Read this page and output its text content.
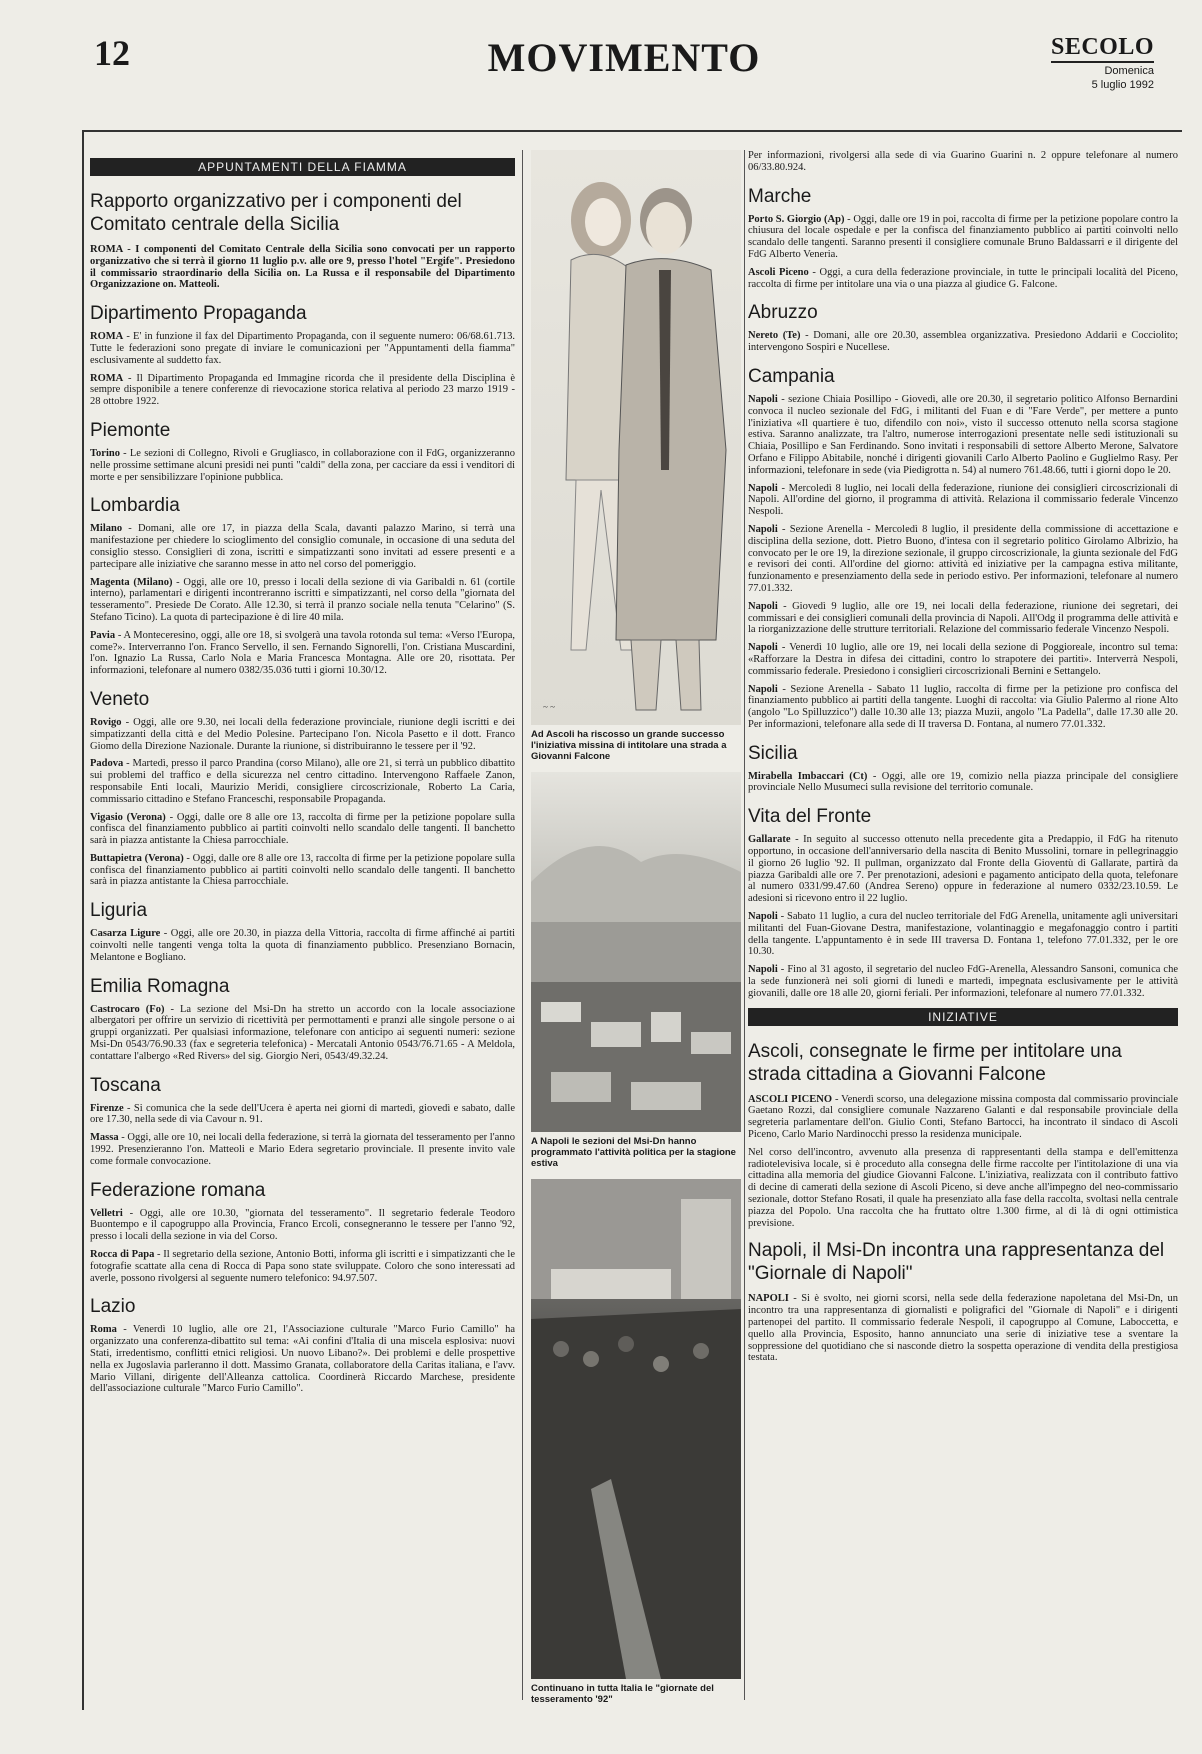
12	MOVIMENTO	SECOLO
Domenica
5 luglio 1992
APPUNTAMENTI DELLA FIAMMA
Rapporto organizzativo per i componenti del Comitato centrale della Sicilia

ROMA - I componenti del Comitato Centrale della Sicilia sono convocati per un rapporto organizzativo che si terrà il giorno 11 luglio p.v. alle ore 9, presso l'hotel "Ergife". Presiedono il commissario straordinario della Sicilia on. La Russa e il responsabile del Dipartimento Organizzazione on. Matteoli.

Dipartimento Propaganda

ROMA - E' in funzione il fax del Dipartimento Propaganda, con il seguente numero: 06/68.61.713. Tutte le federazioni sono pregate di inviare le comunicazioni per "Appuntamenti della fiamma" esclusivamente al suddetto fax.

ROMA - Il Dipartimento Propaganda ed Immagine ricorda che il presidente della Disciplina è sempre disponibile a tenere conferenze di rievocazione storica relativa al periodo 23 marzo 1919 - 28 ottobre 1922.

Piemonte

Torino - Le sezioni di Collegno, Rivoli e Grugliasco, in collaborazione con il FdG, organizzeranno nelle prossime settimane alcuni presidi nei punti "caldi" della zona, per cacciare da essi i venditori di morte e per sensibilizzare l'opinione pubblica.

Lombardia

Milano - Domani, alle ore 17, in piazza della Scala, davanti palazzo Marino, si terrà una manifestazione per chiedere lo scioglimento del consiglio comunale, in occasione di una seduta del consiglio stesso. Consiglieri di zona, iscritti e simpatizzanti sono invitati ad essere presenti e a partecipare alle iniziative che saranno messe in atto nel corso del pomeriggio.

Magenta (Milano) - Oggi, alle ore 10, presso i locali della sezione di via Garibaldi n. 61 (cortile interno), parlamentari e dirigenti incontreranno iscritti e simpatizzanti, nel corso della "giornata del tesseramento". Presiede De Corato. Alle 12.30, si terrà il pranzo sociale nella tenuta "Celarino" (S. Stefano Ticino). La quota di partecipazione è di lire 40 mila.

Pavia - A Monteceresino, oggi, alle ore 18, si svolgerà una tavola rotonda sul tema: «Verso l'Europa, come?». Interverranno l'on. Franco Servello, il sen. Fernando Signorelli, l'on. Cristiana Muscardini, l'on. Ignazio La Russa, Carlo Nola e Maria Francesca Montagna. Alle ore 20, risottata. Per informazioni, telefonare al numero 0382/35.036 tutti i giorni 10.30/12.

Veneto

Rovigo - Oggi, alle ore 9.30, nei locali della federazione provinciale, riunione degli iscritti e dei simpatizzanti della città e del Medio Polesine. Partecipano l'on. Nicola Pasetto e il dott. Franco Giomo della Direzione Nazionale. Durante la riunione, si distribuiranno le tessere per il '92.

Padova - Martedì, presso il parco Prandina (corso Milano), alle ore 21, si terrà un pubblico dibattito sui problemi del traffico e della sicurezza nel centro cittadino. Intervengono Raffaele Zanon, responsabile Enti locali, Maurizio Meridi, consigliere circoscrizionale, Roberto La Caria, commissario cittadino e Stefano Franceschi, responsabile Propaganda.

Vigasio (Verona) - Oggi, dalle ore 8 alle ore 13, raccolta di firme per la petizione popolare sulla confisca del finanziamento pubblico ai partiti coinvolti nello scandalo delle tangenti. Il banchetto sarà in piazza antistante la Chiesa parrocchiale.

Buttapietra (Verona) - Oggi, dalle ore 8 alle ore 13, raccolta di firme per la petizione popolare sulla confisca del finanziamento pubblico ai partiti coinvolti nello scandalo delle tangenti. Il banchetto sarà in piazza antistante la Chiesa parrocchiale.

Liguria

Casarza Ligure - Oggi, alle ore 20.30, in piazza della Vittoria, raccolta di firme affinché ai partiti coinvolti nelle tangenti venga tolta la quota di finanziamento pubblico. Presenziano Bornacin, Melantone e Bogliano.

Emilia Romagna

Castrocaro (Fo) - La sezione del Msi-Dn ha stretto un accordo con la locale associazione albergatori per offrire un servizio di ricettività per permottamenti e pranzi alle singole persone o ai gruppi organizzati. Per qualsiasi informazione, telefonare con anticipo ai seguenti numeri: sezione Msi-Dn 0543/76.90.33 (fax e segreteria telefonica) - Mercatali Antonio 0543/76.71.65 - A Meldola, contattare l'albergo «Red Rivers» del sig. Giorgio Neri, 0543/49.32.24.

Toscana

Firenze - Si comunica che la sede dell'Ucera è aperta nei giorni di martedì, giovedì e sabato, dalle ore 17.30, nella sede di via Cavour n. 91.

Massa - Oggi, alle ore 10, nei locali della federazione, si terrà la giornata del tesseramento per l'anno 1992. Presenzieranno l'on. Matteoli e Mario Edera segretario provinciale. Il presente invito vale come formale convocazione.

Federazione romana

Velletri - Oggi, alle ore 10.30, "giornata del tesseramento". Il segretario federale Teodoro Buontempo e il capogruppo alla Provincia, Franco Ercoli, consegneranno le tessere per l'anno '92, presso i locali della sezione in via del Corso.

Rocca di Papa - Il segretario della sezione, Antonio Botti, informa gli iscritti e i simpatizzanti che le fotografie scattate alla cena di Rocca di Papa sono state sviluppate. Coloro che sono interessati ad averle, possono rivolgersi al seguente numero telefonico: 94.97.507.

Lazio

Roma - Venerdì 10 luglio, alle ore 21, l'Associazione culturale "Marco Furio Camillo" ha organizzato una conferenza-dibattito sul tema: «Ai confini d'Italia di una miscela esplosiva: nuovi Stati, irredentismo, conflitti etnici religiosi. Un nuovo Libano?». Dei problemi e delle prospettive nella ex Jugoslavia parleranno il dott. Massimo Granata, collaboratore della Caritas italiana, e l'avv. Mario Villani, dirigente dell'Alleanza cattolica. Coordinerà Riccardo Marchese, presidente dell'associazione culturale "Marco Furio Camillo".

~ ~
Ad Ascoli ha riscosso un grande successo l'iniziativa missina di intitolare una strada a Giovanni Falcone
A Napoli le sezioni del Msi-Dn hanno programmato l'attività politica per la stagione estiva
Continuano in tutta Italia le "giornate del tesseramento '92"

Per informazioni, rivolgersi alla sede di via Guarino Guarini n. 2 oppure telefonare al numero 06/33.80.924.

Marche

Porto S. Giorgio (Ap) - Oggi, dalle ore 19 in poi, raccolta di firme per la petizione popolare contro la chiusura del locale ospedale e per la confisca del finanziamento pubblico ai partiti coinvolti nello scandalo delle tangenti. Saranno presenti il consigliere comunale Bruno Baldassarri e il dirigente del FdG Alberto Veneria.

Ascoli Piceno - Oggi, a cura della federazione provinciale, in tutte le principali località del Piceno, raccolta di firme per intitolare una via o una piazza al giudice G. Falcone.

Abruzzo

Nereto (Te) - Domani, alle ore 20.30, assemblea organizzativa. Presiedono Addarii e Cocciolito; intervengono Sospiri e Nucellese.

Campania

Napoli - sezione Chiaia Posillipo - Giovedì, alle ore 20.30, il segretario politico Alfonso Bernardini convoca il nucleo sezionale del FdG, i militanti del Fuan e di "Fare Verde", per mettere a punto l'iniziativa «Il quartiere è tuo, difendilo con noi», visto il successo ottenuto nella scorsa stagione estiva. Saranno analizzate, tra l'altro, numerose interrogazioni presentate nelle sedi istituzionali su Chiaia, Posillipo e San Ferdinando. Sono invitati i responsabili di settore Alberto Merone, Salvatore Orfano e Filippo Abitabile, nonché i dirigenti giovanili Carlo Alberto Paolino e Guglielmo Rasy. Per informazioni, telefonare in sede (via Piedigrotta n. 54) al numero 761.48.66, tutti i giorni dopo le 20.

Napoli - Mercoledì 8 luglio, nei locali della federazione, riunione dei consiglieri circoscrizionali di Napoli. All'ordine del giorno, il programma di attività. Relaziona il commissario federale Vincenzo Nespoli.

Napoli - Sezione Arenella - Mercoledì 8 luglio, il presidente della commissione di accettazione e disciplina della sezione, dott. Pietro Buono, d'intesa con il segretario politico Girolamo Albrizio, ha convocato per le ore 19, la direzione sezionale, il gruppo circoscrizionale, la giunta sezionale del FdG e revisori dei conti. All'ordine del giorno: attività ed iniziative per la campagna estiva militante, funzionamento e presenziamento della sede in periodo estivo. Per informazioni, telefonare al numero 77.01.332.

Napoli - Giovedì 9 luglio, alle ore 19, nei locali della federazione, riunione dei segretari, dei commissari e dei consiglieri comunali della provincia di Napoli. All'Odg il programma delle attività e la riorganizzazione delle strutture territoriali. Relazione del commissario federale Vincenzo Nespoli.

Napoli - Venerdì 10 luglio, alle ore 19, nei locali della sezione di Poggioreale, incontro sul tema: «Rafforzare la Destra in difesa dei cittadini, contro lo strapotere dei partiti». Interverrà Nespoli, commissario federale. Presiedono i consiglieri circoscrizionali Bernini e Settangelo.

Napoli - Sezione Arenella - Sabato 11 luglio, raccolta di firme per la petizione pro confisca del finanziamento pubblico ai partiti della tangente. Luoghi di raccolta: via Giulio Palermo al rione Alto (angolo "Lo Spilluzzico") dalle 10.30 alle 13; piazza Muzii, angolo "La Padella", dalle 17.30 alle 20. Per informazioni, telefonare alla sede di II traversa D. Fontana, al numero 77.01.332.

Sicilia

Mirabella Imbaccari (Ct) - Oggi, alle ore 19, comizio nella piazza principale del consigliere provinciale Nello Musumeci sulla revisione del territorio comunale.

Vita del Fronte

Gallarate - In seguito al successo ottenuto nella precedente gita a Predappio, il FdG ha ritenuto opportuno, in occasione dell'anniversario della nascita di Benito Mussolini, tornare in pellegrinaggio il giorno 26 luglio '92. Il pullman, organizzato dal Fronte della Gioventù di Gallarate, partirà da piazza Garibaldi alle ore 7. Per prenotazioni, adesioni e pagamento anticipato della quota, telefonare al numero 0331/99.47.60 (Andrea Sereno) oppure in federazione al numero 0332/23.10.59. Le adesioni si ricevono entro il 22 luglio.

Napoli - Sabato 11 luglio, a cura del nucleo territoriale del FdG Arenella, unitamente agli universitari militanti del Fuan-Giovane Destra, manifestazione, volantinaggio e megafonaggio contro i partiti della tangente. L'appuntamento è in sede III traversa D. Fontana 1, telefono 77.01.332, per le ore 10.30.

Napoli - Fino al 31 agosto, il segretario del nucleo FdG-Arenella, Alessandro Sansoni, comunica che la sede funzionerà nei soli giorni di lunedì e martedì, impegnata esclusivamente per le attività giovanili, dalle ore 18 alle 20, giorni feriali. Per informazioni, telefonare al numero 77.01.332.

INIZIATIVE
Ascoli, consegnate le firme per intitolare una strada cittadina a Giovanni Falcone

ASCOLI PICENO - Venerdì scorso, una delegazione missina composta dal commissario provinciale Gaetano Rozzi, dal consigliere comunale Nazzareno Galanti e dal responsabile provinciale della segreteria parlamentare dell'on. Giulio Conti, Stefano Bartocci, ha incontrato il sindaco di Ascoli Piceno, Carlo Mario Nardinocchi presso la residenza municipale.

Nel corso dell'incontro, avvenuto alla presenza di rappresentanti della stampa e dell'emittenza radiotelevisiva locale, si è proceduto alla consegna delle firme raccolte per l'intitolazione di una via cittadina alla memoria del giudice Giovanni Falcone. L'iniziativa, realizzata con il contributo fattivo di decine di camerati della sezione di Ascoli Piceno, si deve anche all'impegno del neo-commissario sezionale, dottor Stefano Rosati, il quale ha presenziato alla fase della raccolta, svoltasi nella centrale piazza del Popolo. Una raccolta che ha fruttato oltre 1.300 firme, al di là di ogni ottimistica previsione.

Napoli, il Msi-Dn incontra una rappresentanza del "Giornale di Napoli"

NAPOLI - Si è svolto, nei giorni scorsi, nella sede della federazione napoletana del Msi-Dn, un incontro tra una rappresentanza di giornalisti e poligrafici del "Giornale di Napoli" e i dirigenti partenopei del partito. Il commissario federale Nespoli, il capogruppo al Comune, Laboccetta, e quello alla Provincia, Esposito, hanno annunciato una serie di iniziative tese a sventare la soppressione del quotidiano che si nasconde dietro la sospetta operazione di vendita della prestigiosa testata.
